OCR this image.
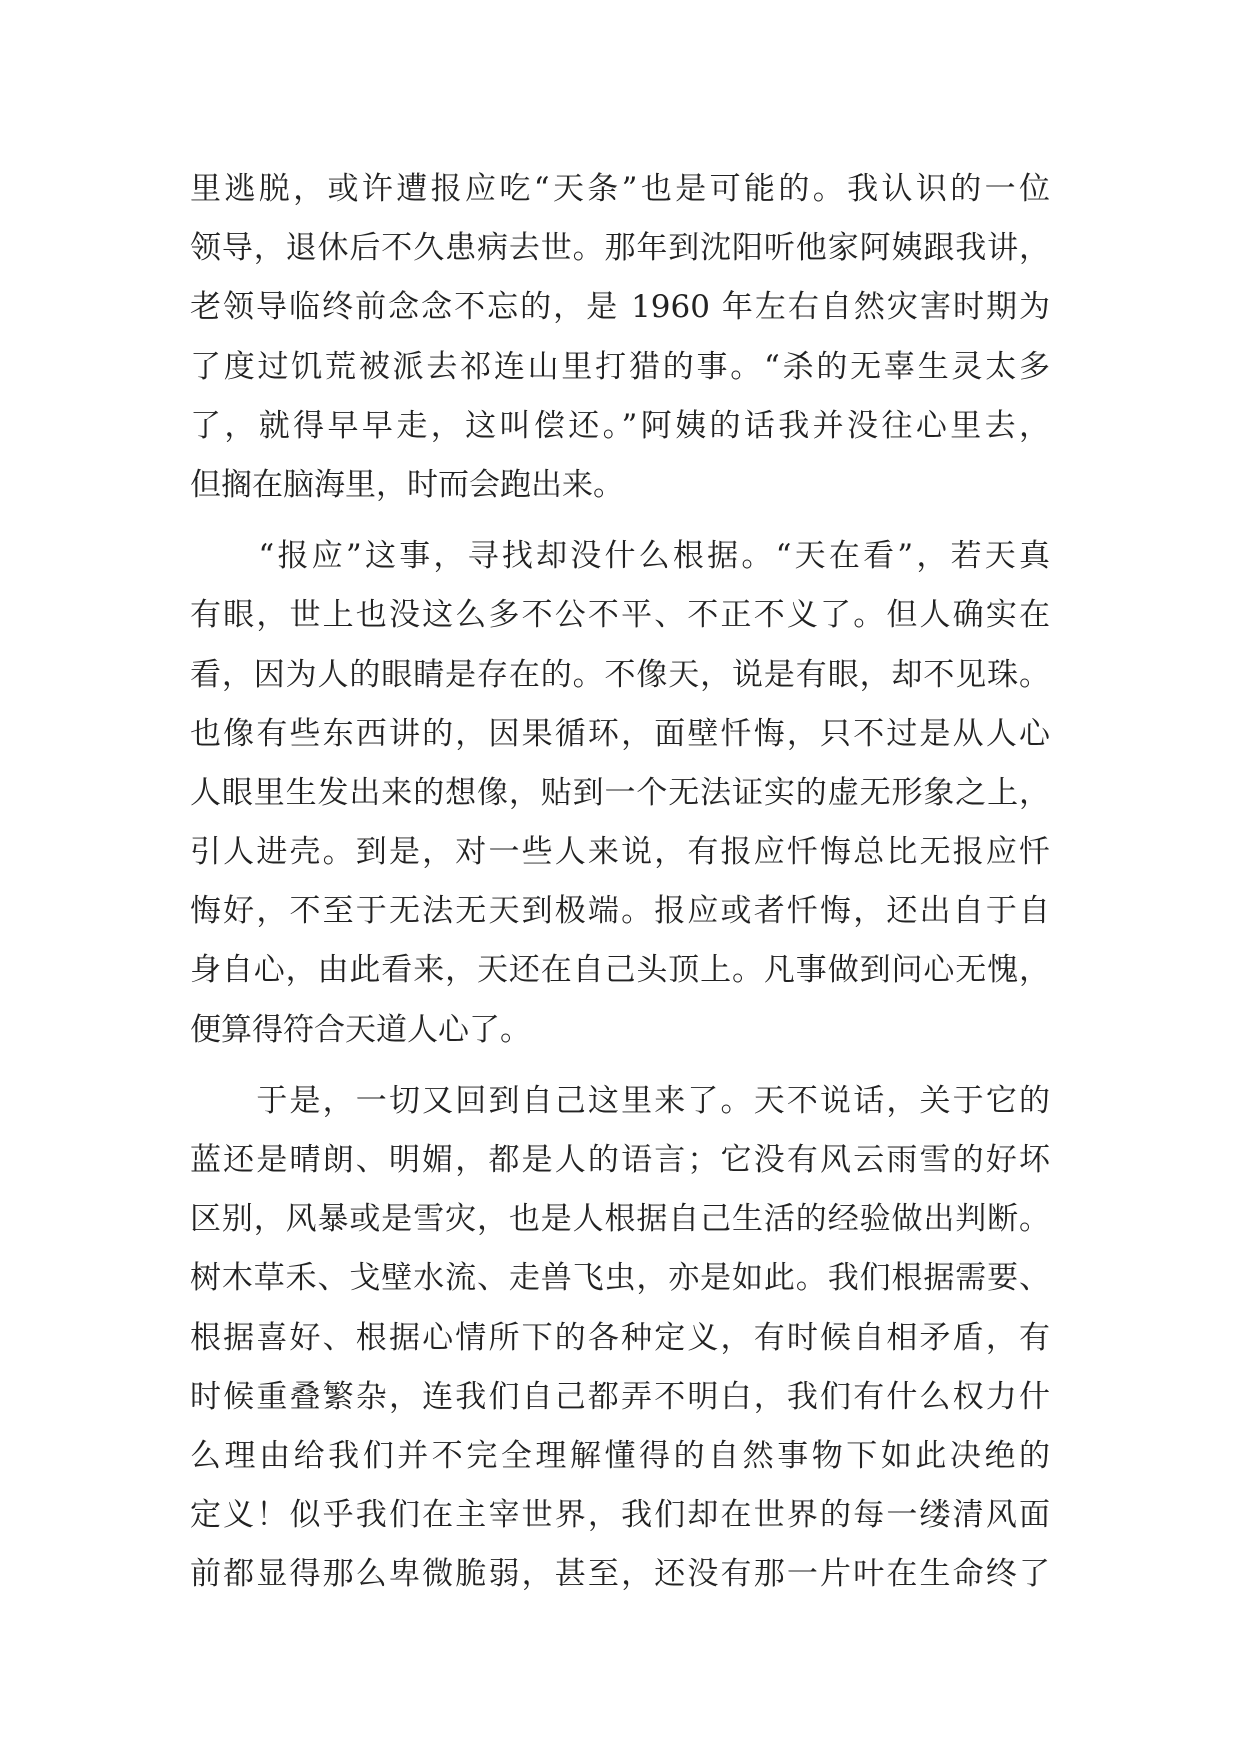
里逃脱，或许遭报应吃“天条”也是可能的。我认识的一位
领导，退休后不久患病去世。那年到沈阳听他家阿姨跟我讲，
老领导临终前念念不忘的，是 1960 年左右自然灾害时期为
了度过饥荒被派去祁连山里打猎的事。“杀的无辜生灵太多
了，就得早早走，这叫偿还。”阿姨的话我并没往心里去，
但搁在脑海里，时而会跑出来。
　　“报应”这事，寻找却没什么根据。“天在看”，若天真
有眼，世上也没这么多不公不平、不正不义了。但人确实在
看，因为人的眼睛是存在的。不像天，说是有眼，却不见珠。
也像有些东西讲的，因果循环，面壁忏悔，只不过是从人心
人眼里生发出来的想像，贴到一个无法证实的虚无形象之上，
引人进壳。到是，对一些人来说，有报应忏悔总比无报应忏
悔好，不至于无法无天到极端。报应或者忏悔，还出自于自
身自心，由此看来，天还在自己头顶上。凡事做到问心无愧，
便算得符合天道人心了。
　　于是，一切又回到自己这里来了。天不说话，关于它的
蓝还是晴朗、明媚，都是人的语言；它没有风云雨雪的好坏
区别，风暴或是雪灾，也是人根据自己生活的经验做出判断。
树木草禾、戈壁水流、走兽飞虫，亦是如此。我们根据需要、
根据喜好、根据心情所下的各种定义，有时候自相矛盾，有
时候重叠繁杂，连我们自己都弄不明白，我们有什么权力什
么理由给我们并不完全理解懂得的自然事物下如此决绝的
定义！似乎我们在主宰世界，我们却在世界的每一缕清风面
前都显得那么卑微脆弱，甚至，还没有那一片叶在生命终了
